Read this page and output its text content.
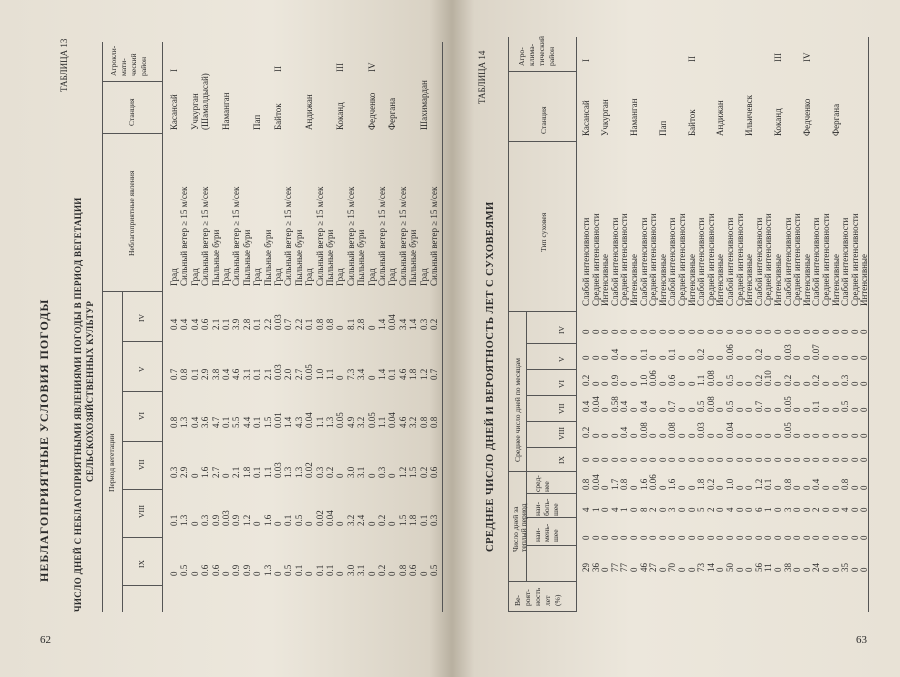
62
НЕБЛАГОПРИЯТНЫЕ УСЛОВИЯ ПОГОДЫ
ТАБЛИЦА 13
ЧИСЛО ДНЕЙ С НЕБЛАГОПРИЯТНЫМИ ЯВЛЕНИЯМИ ПОГОДЫ В ПЕРИОД ВЕГЕТАЦИИ СЕЛЬСКОХОЗЯЙСТВЕННЫХ КУЛЬТУР
Агрокли- мати- ческий район
Станция
Неблагоприятные явления
Период вегетации
IV
V
VI
VII
VIII
IX
I
Касансай
Град
0.4
0.7
0.8
0.3
0.1
0
Сильный ветер ≥ 15 м/сек
0.4
0.8
1.3
2.9
1.3
0.5
Учкурган
Град
0.4
0.1
0.4
0
0
0
(Шамалдысай)
Сильный ветер ≥ 15 м/сек
0.6
2.9
3.6
1.6
0.3
0.6
Пыльные бури
2.1
3.8
4.7
2.7
0.9
0.6
Наманган
Град
0.1
0.4
0.1
0
0.03
0
Сильный ветер ≥ 15 м/сек
3.9
4.6
5.5
2.1
0.9
0.9
Пыльные бури
2.8
3.1
4.4
1.8
1.2
0.9
Пап
Град
0.1
0.1
0.1
0.1
0
0
Пыльные бури
2.2
2.1
1.5
1.1
1.6
1.3
II
Байток
Град
0.03
0.03
0.01
0.03
0
0
Сильный ветер ≥ 15 м/сек
0.7
2.0
1.4
1.3
0.1
0.5
Пыльные бури
2.2
2.7
4.3
1.3
0.5
0.1
Андижан
Град
0.1
0.05
0.04
0.02
0
0
Сильный ветер ≥ 15 м/сек
0.8
1.0
1.1
0.3
0.02
0.1
Пыльные бури
0.8
1.1
1.3
0.2
0.04
0.1
III
Коканд
Град
0
0
0.05
0
0
0
Сильный ветер ≥ 15 м/сек
8.1
7.3
4.9
3.0
3.2
3.0
Пыльные бури
2.8
3.4
3.2
3.1
2.4
3.1
IV
Федченко
Град
0
0
0.05
0
0
0
Сильный ветер ≥ 15 м/сек
1.4
1.4
1.1
0.3
0.2
0.2
Фергана
Град
0.04
0.1
0.04
0
0
0
Сильный ветер ≥ 15 м/сек
3.4
4.6
4.6
1.2
1.5
0.8
Пыльные бури
1.4
1.8
3.2
1.5
1.8
0.6
Шахимардан
Град
0.3
1.2
0.8
0.2
0.1
0
Сильный ветер ≥ 15 м/сек
0.2
0.7
0.8
0.6
0.3
0.5
63
ТАБЛИЦА 14
СРЕДНЕЕ ЧИСЛО ДНЕЙ И ВЕРОЯТНОСТЬ ЛЕТ С СУХОВЕЯМИ
Агро- клима- тический район
Станция
Тип суховея
Среднее число дней по месяцам
Число дней за теплый период
IV
V
VI
VII
VIII
IX
сред- нее
наи- боль- шее
наи- мень- шее
Ве- роят- ность лет (%)
I
Касансай
Слабой интенсивности
0
0
0.2
0.4
0.2
0
0.8
4
0
29
Средней интенсивности
0
0
0
0.04
0
0
0.04
1
0
36
Учкурган
Интенсивные
0
0
0
0
0
0
0
0
0
0
Слабой интенсивности
0
0.4
0.9
0.58
0
0
1.7
4
0
77
Средней интенсивности
0
0
0
0.4
0.4
0
0.8
1
0
77
Наманган
Интенсивные
0
0
0
0
0
0
0
0
0
0
Слабой интенсивности
0
0.1
1.0
0.4
0.08
0
1.6
8
0
46
Средней интенсивности
0
0
0.06
0
0
0
0.06
2
0
27
Пап
Интенсивные
0
0
0
0
0
0
0
0
0
0
Слабой интенсивности
0
0.1
0.6
0.7
0.08
0
1.6
3
0
70
Средней интенсивности
0
0
0
0
0
0
0
0
0
0
II
Байток
Интенсивные
0
0
0
0
0
0
0
0
0
0
Слабой интенсивности
0
0.2
1.1
0.5
0.03
0
1.8
5
0
73
Средней интенсивности
0
0
0.08
0.08
0
0
0.2
2
0
14
Андижан
Интенсивные
0
0
0
0
0
0
0
0
0
0
Слабой интенсивности
0
0.06
0.5
0.5
0.04
0
1.0
4
0
50
Средней интенсивности
0
0
0
0
0
0
0
0
0
0
Ильичевск
Интенсивные
0
0
0
0
0
0
0
0
0
0
Слабой интенсивности
0
0.2
0.2
0.7
0
0
1.2
6
0
56
Средней интенсивности
0
0
0.10
0
0
0
0.1
1
0
11
III
Коканд
Интенсивные
0
0
0
0
0
0
0
0
0
0
Слабой интенсивности
0
0.03
0.2
0.05
0.05
0
0.8
3
0
38
Средней интенсивности
0
0
0
0
0
0
0
0
0
0
IV
Федченко
Интенсивные
0
0
0
0
0
0
0
0
0
0
Слабой интенсивности
0
0.07
0.2
0.1
0
0
0.4
2
0
24
Средней интенсивности
0
0
0
0
0
0
0
0
0
0
Фергана
Интенсивные
0
0
0
0
0
0
0
0
0
0
Слабой интенсивности
0
0
0.3
0.5
0
0
0.8
4
0
35
Средней интенсивности
0
0
0
0
0
0
0
0
0
0
Интенсивные
0
0
0
0
0
0
0
0
0
0
